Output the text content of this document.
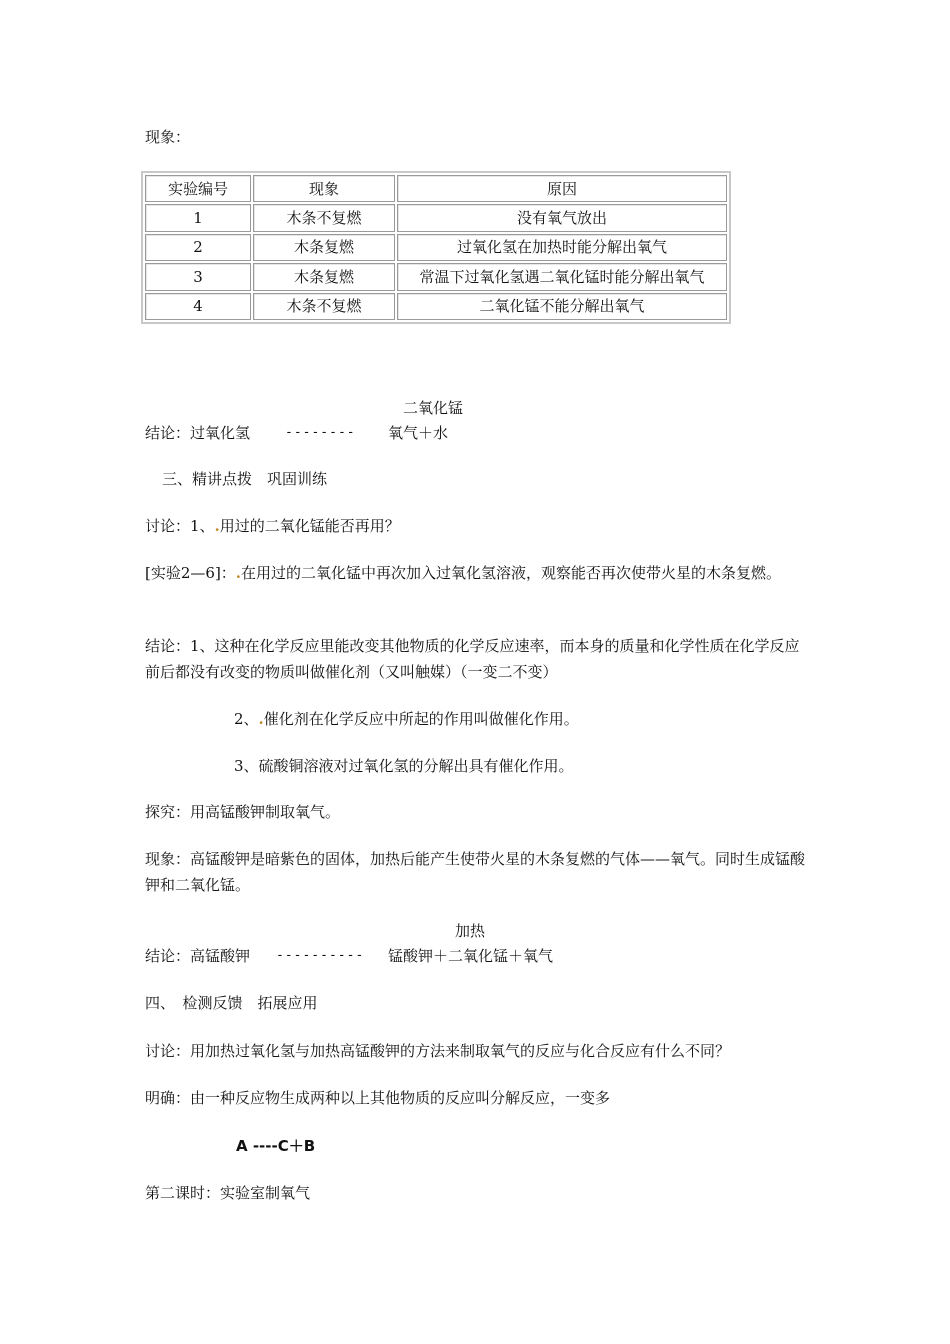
现象：
实验编号	现象	原因
1	木条不复燃	没有氧气放出
2	木条复燃	过氧化氢在加热时能分解出氧气
3	木条复燃	常温下过氧化氢遇二氧化锰时能分解出氧气
4	木条不复燃	二氧化锰不能分解出氧气
二氧化锰
结论：过氧化氢	-------- 氧气＋水
三、精讲点拨　巩固训练
讨论：1、.用过的二氧化锰能否再用？
[实验2—6]：.在用过的二氧化锰中再次加入过氧化氢溶液，观察能否再次使带火星的木条复燃。
结论：1、这种在化学反应里能改变其他物质的化学反应速率，而本身的质量和化学性质在化学反应前后都没有改变的物质叫做催化剂（又叫触媒）（一变二不变）
2、.催化剂在化学反应中所起的作用叫做催化作用。
3、硫酸铜溶液对过氧化氢的分解出具有催化作用。
探究：用高锰酸钾制取氧气。
现象：高锰酸钾是暗紫色的固体，加热后能产生使带火星的木条复燃的气体——氧气。同时生成锰酸钾和二氧化锰。
加热
结论：高锰酸钾 ---------- 锰酸钾＋二氧化锰＋氧气
四、　检测反馈　拓展应用
讨论：用加热过氧化氢与加热高锰酸钾的方法来制取氧气的反应与化合反应有什么不同？
明确：由一种反应物生成两种以上其他物质的反应叫分解反应，一变多
A ----C＋B
第二课时：实验室制氧气
